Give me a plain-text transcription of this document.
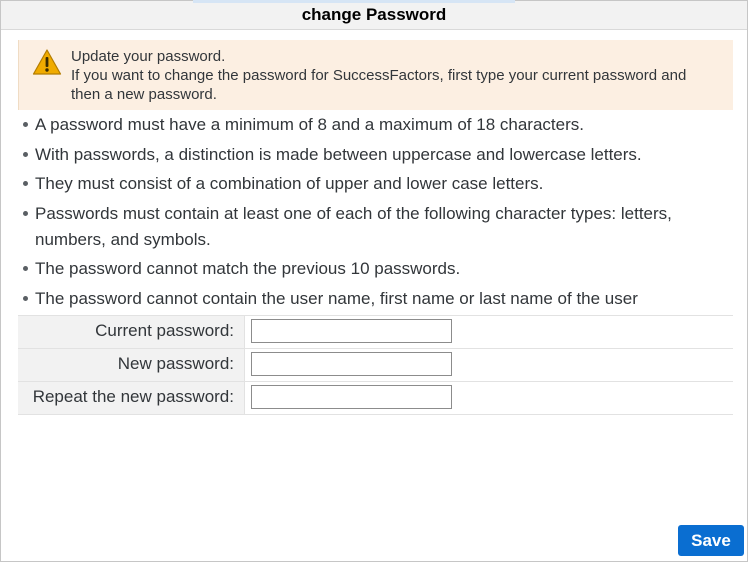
change Password
Update your password.
If you want to change the password for SuccessFactors, first type your current password and then a new password.
A password must have a minimum of 8 and a maximum of 18 characters.
With passwords, a distinction is made between uppercase and lowercase letters.
They must consist of a combination of upper and lower case letters.
Passwords must contain at least one of each of the following character types: letters, numbers, and symbols.
The password cannot match the previous 10 passwords.
The password cannot contain the user name, first name or last name of the user
Current password:
New password:
Repeat the new password:
Save
